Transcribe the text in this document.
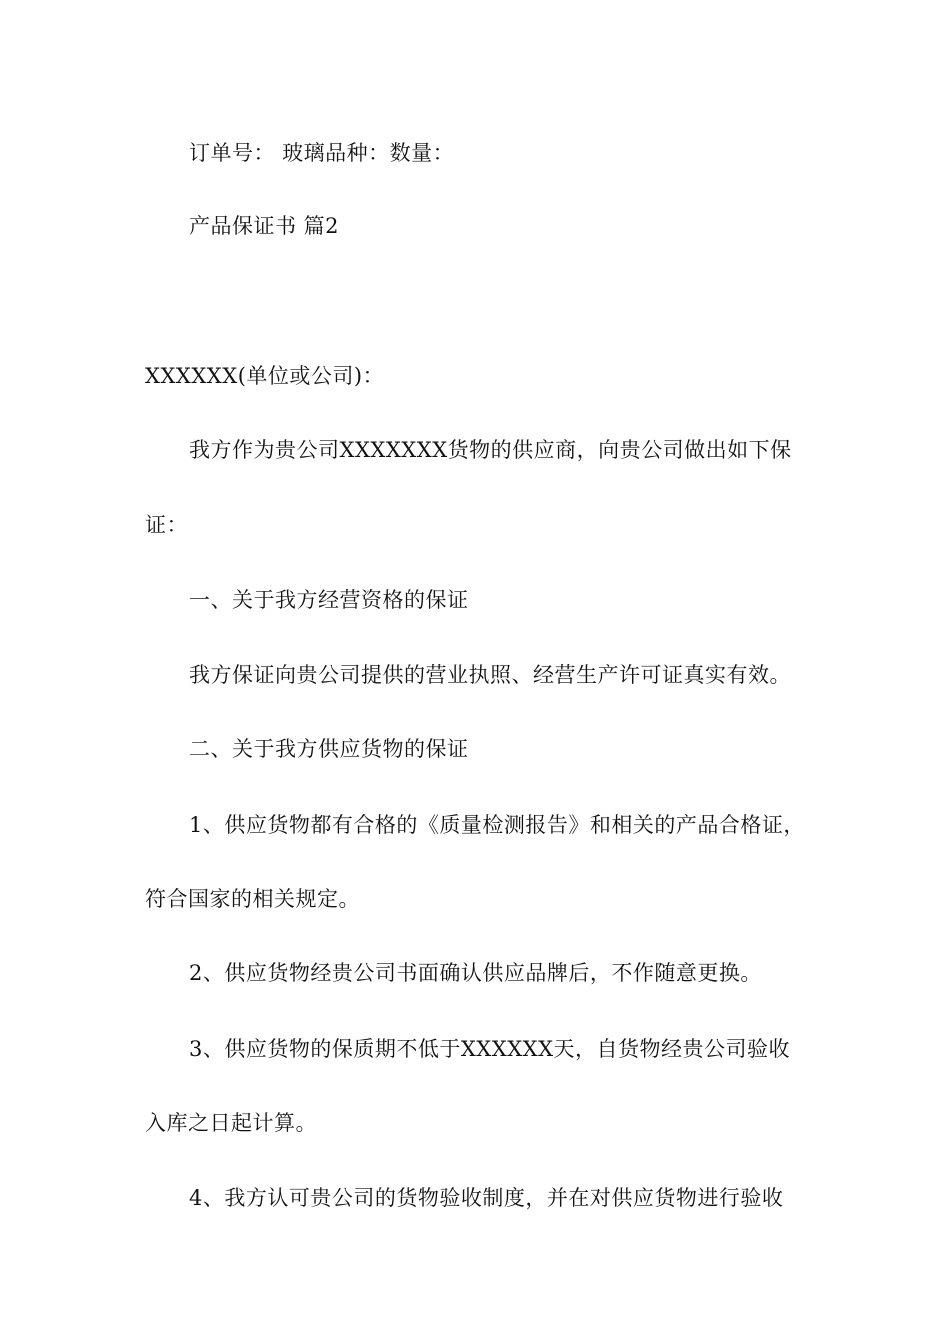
订单号： 玻璃品种：数量：
产品保证书 篇2
XXXXXX(单位或公司)：
我方作为贵公司XXXXXXX货物的供应商，向贵公司做出如下保
证：
一、关于我方经营资格的保证
我方保证向贵公司提供的营业执照、经营生产许可证真实有效。
二、关于我方供应货物的保证
1、供应货物都有合格的《质量检测报告》和相关的产品合格证，
符合国家的相关规定。
2、供应货物经贵公司书面确认供应品牌后，不作随意更换。
3、供应货物的保质期不低于XXXXXX天，自货物经贵公司验收
入库之日起计算。
4、我方认可贵公司的货物验收制度，并在对供应货物进行验收
